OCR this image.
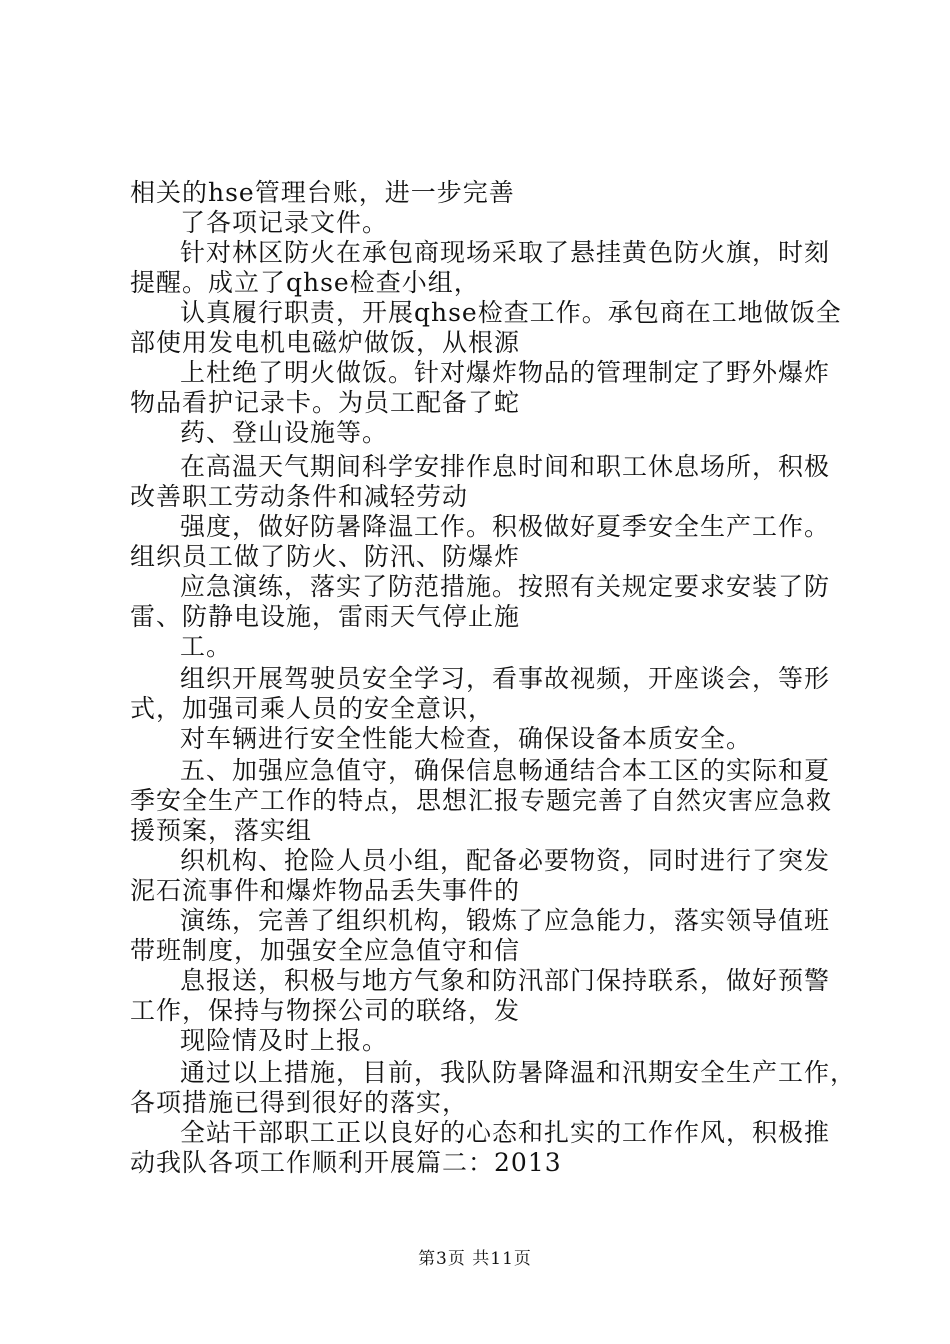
相关的hse管理台账，进一步完善
了各项记录文件。
针对林区防火在承包商现场采取了悬挂黄色防火旗，时刻
提醒。成立了qhse检查小组，
认真履行职责，开展qhse检查工作。承包商在工地做饭全
部使用发电机电磁炉做饭，从根源
上杜绝了明火做饭。针对爆炸物品的管理制定了野外爆炸
物品看护记录卡。为员工配备了蛇
药、登山设施等。
在高温天气期间科学安排作息时间和职工休息场所，积极
改善职工劳动条件和减轻劳动
强度，做好防暑降温工作。积极做好夏季安全生产工作。
组织员工做了防火、防汛、防爆炸
应急演练，落实了防范措施。按照有关规定要求安装了防
雷、防静电设施，雷雨天气停止施
工。
组织开展驾驶员安全学习，看事故视频，开座谈会，等形
式，加强司乘人员的安全意识，
对车辆进行安全性能大检查，确保设备本质安全。
五、加强应急值守，确保信息畅通结合本工区的实际和夏
季安全生产工作的特点，思想汇报专题完善了自然灾害应急救
援预案，落实组
织机构、抢险人员小组，配备必要物资，同时进行了突发
泥石流事件和爆炸物品丢失事件的
演练，完善了组织机构，锻炼了应急能力，落实领导值班
带班制度，加强安全应急值守和信
息报送，积极与地方气象和防汛部门保持联系，做好预警
工作，保持与物探公司的联络，发
现险情及时上报。
通过以上措施，目前，我队防暑降温和汛期安全生产工作，
各项措施已得到很好的落实，
全站干部职工正以良好的心态和扎实的工作作风，积极推
动我队各项工作顺利开展篇二：2013
第3页 共11页
